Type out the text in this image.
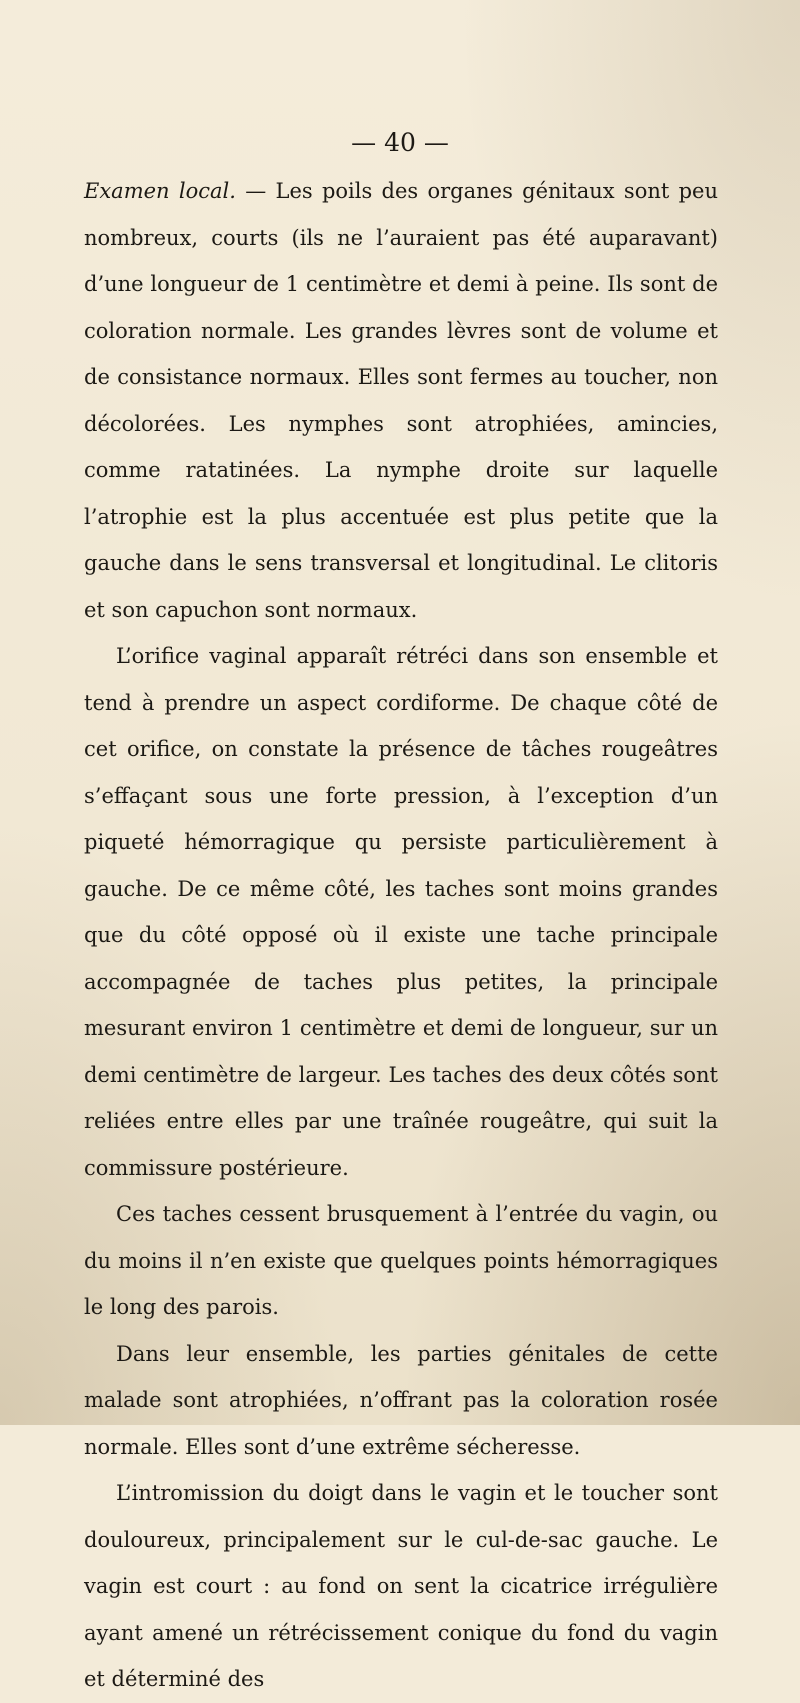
— 40 —

Examen local. — Les poils des organes génitaux sont peu nombreux, courts (ils ne l’auraient pas été auparavant) d’une longueur de 1 centimètre et demi à peine. Ils sont de coloration normale. Les grandes lèvres sont de volume et de consistance normaux. Elles sont fermes au toucher, non décolorées. Les nymphes sont atrophiées, amincies, comme ratatinées. La nymphe droite sur laquelle l’atrophie est la plus accentuée est plus petite que la gauche dans le sens transversal et longitudinal. Le clitoris et son capuchon sont normaux.

L’orifice vaginal apparaît rétréci dans son ensemble et tend à prendre un aspect cordiforme. De chaque côté de cet orifice, on constate la présence de tâches rougeâtres s’effaçant sous une forte pression, à l’exception d’un piqueté hémorragique qu persiste particulièrement à gauche. De ce même côté, les taches sont moins grandes que du côté opposé où il existe une tache principale accompagnée de taches plus petites, la principale mesurant environ 1 centimètre et demi de longueur, sur un demi centimètre de largeur. Les taches des deux côtés sont reliées entre elles par une traînée rougeâtre, qui suit la commissure postérieure.

Ces taches cessent brusquement à l’entrée du vagin, ou du moins il n’en existe que quelques points hémorragiques le long des parois.

Dans leur ensemble, les parties génitales de cette malade sont atrophiées, n’offrant pas la coloration rosée normale. Elles sont d’une extrême sécheresse.

L’intromission du doigt dans le vagin et le toucher sont douloureux, principalement sur le cul-de-sac gauche. Le vagin est court : au fond on sent la cicatrice irrégulière ayant amené un rétrécissement conique du fond du vagin et déterminé des
